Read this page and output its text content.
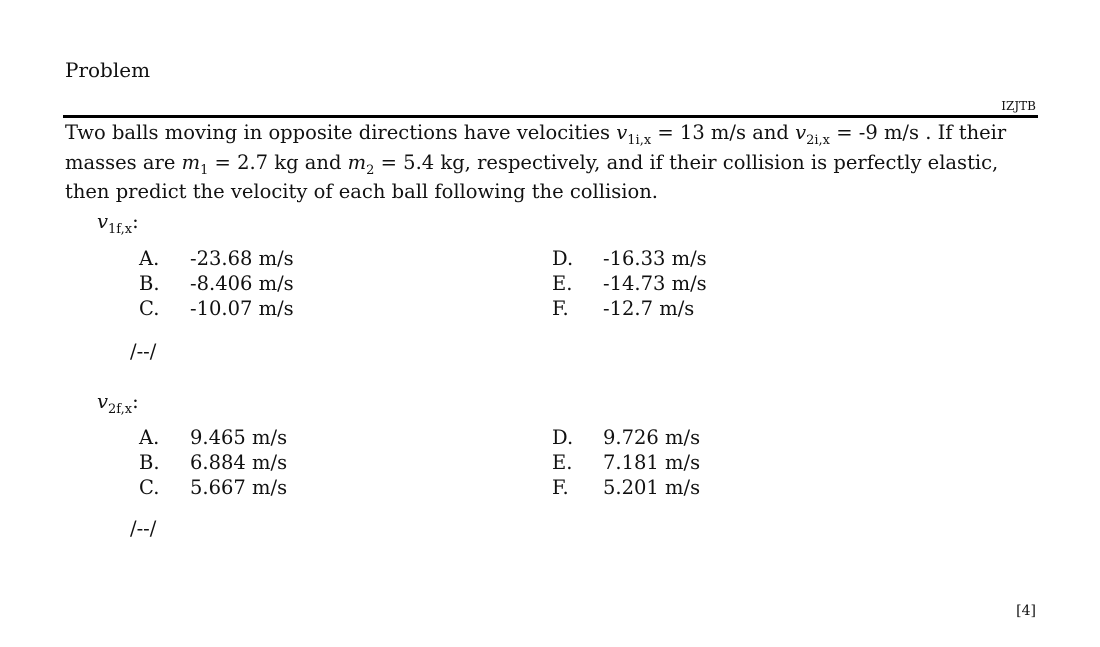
Problem
IZJTB
Two balls moving in opposite directions have velocities $v_{1i,x} = 13$ m/s and $v_{2i,x} = -9$ m/s . If their masses are $m_1 = 2.7$ kg and $m_2 = 5.4$ kg, respectively, and if their collision is perfectly elastic, then predict the velocity of each ball following the collision.
$v_{1f,x}$:
A.	-23.68 m/s
B.	-8.406 m/s
C.	-10.07 m/s
D.	-16.33 m/s
E.	-14.73 m/s
F.	-12.7 m/s
/--/
$v_{2f,x}$:
A.	9.465 m/s
B.	6.884 m/s
C.	5.667 m/s
D.	9.726 m/s
E.	7.181 m/s
F.	5.201 m/s
/--/
[4]
